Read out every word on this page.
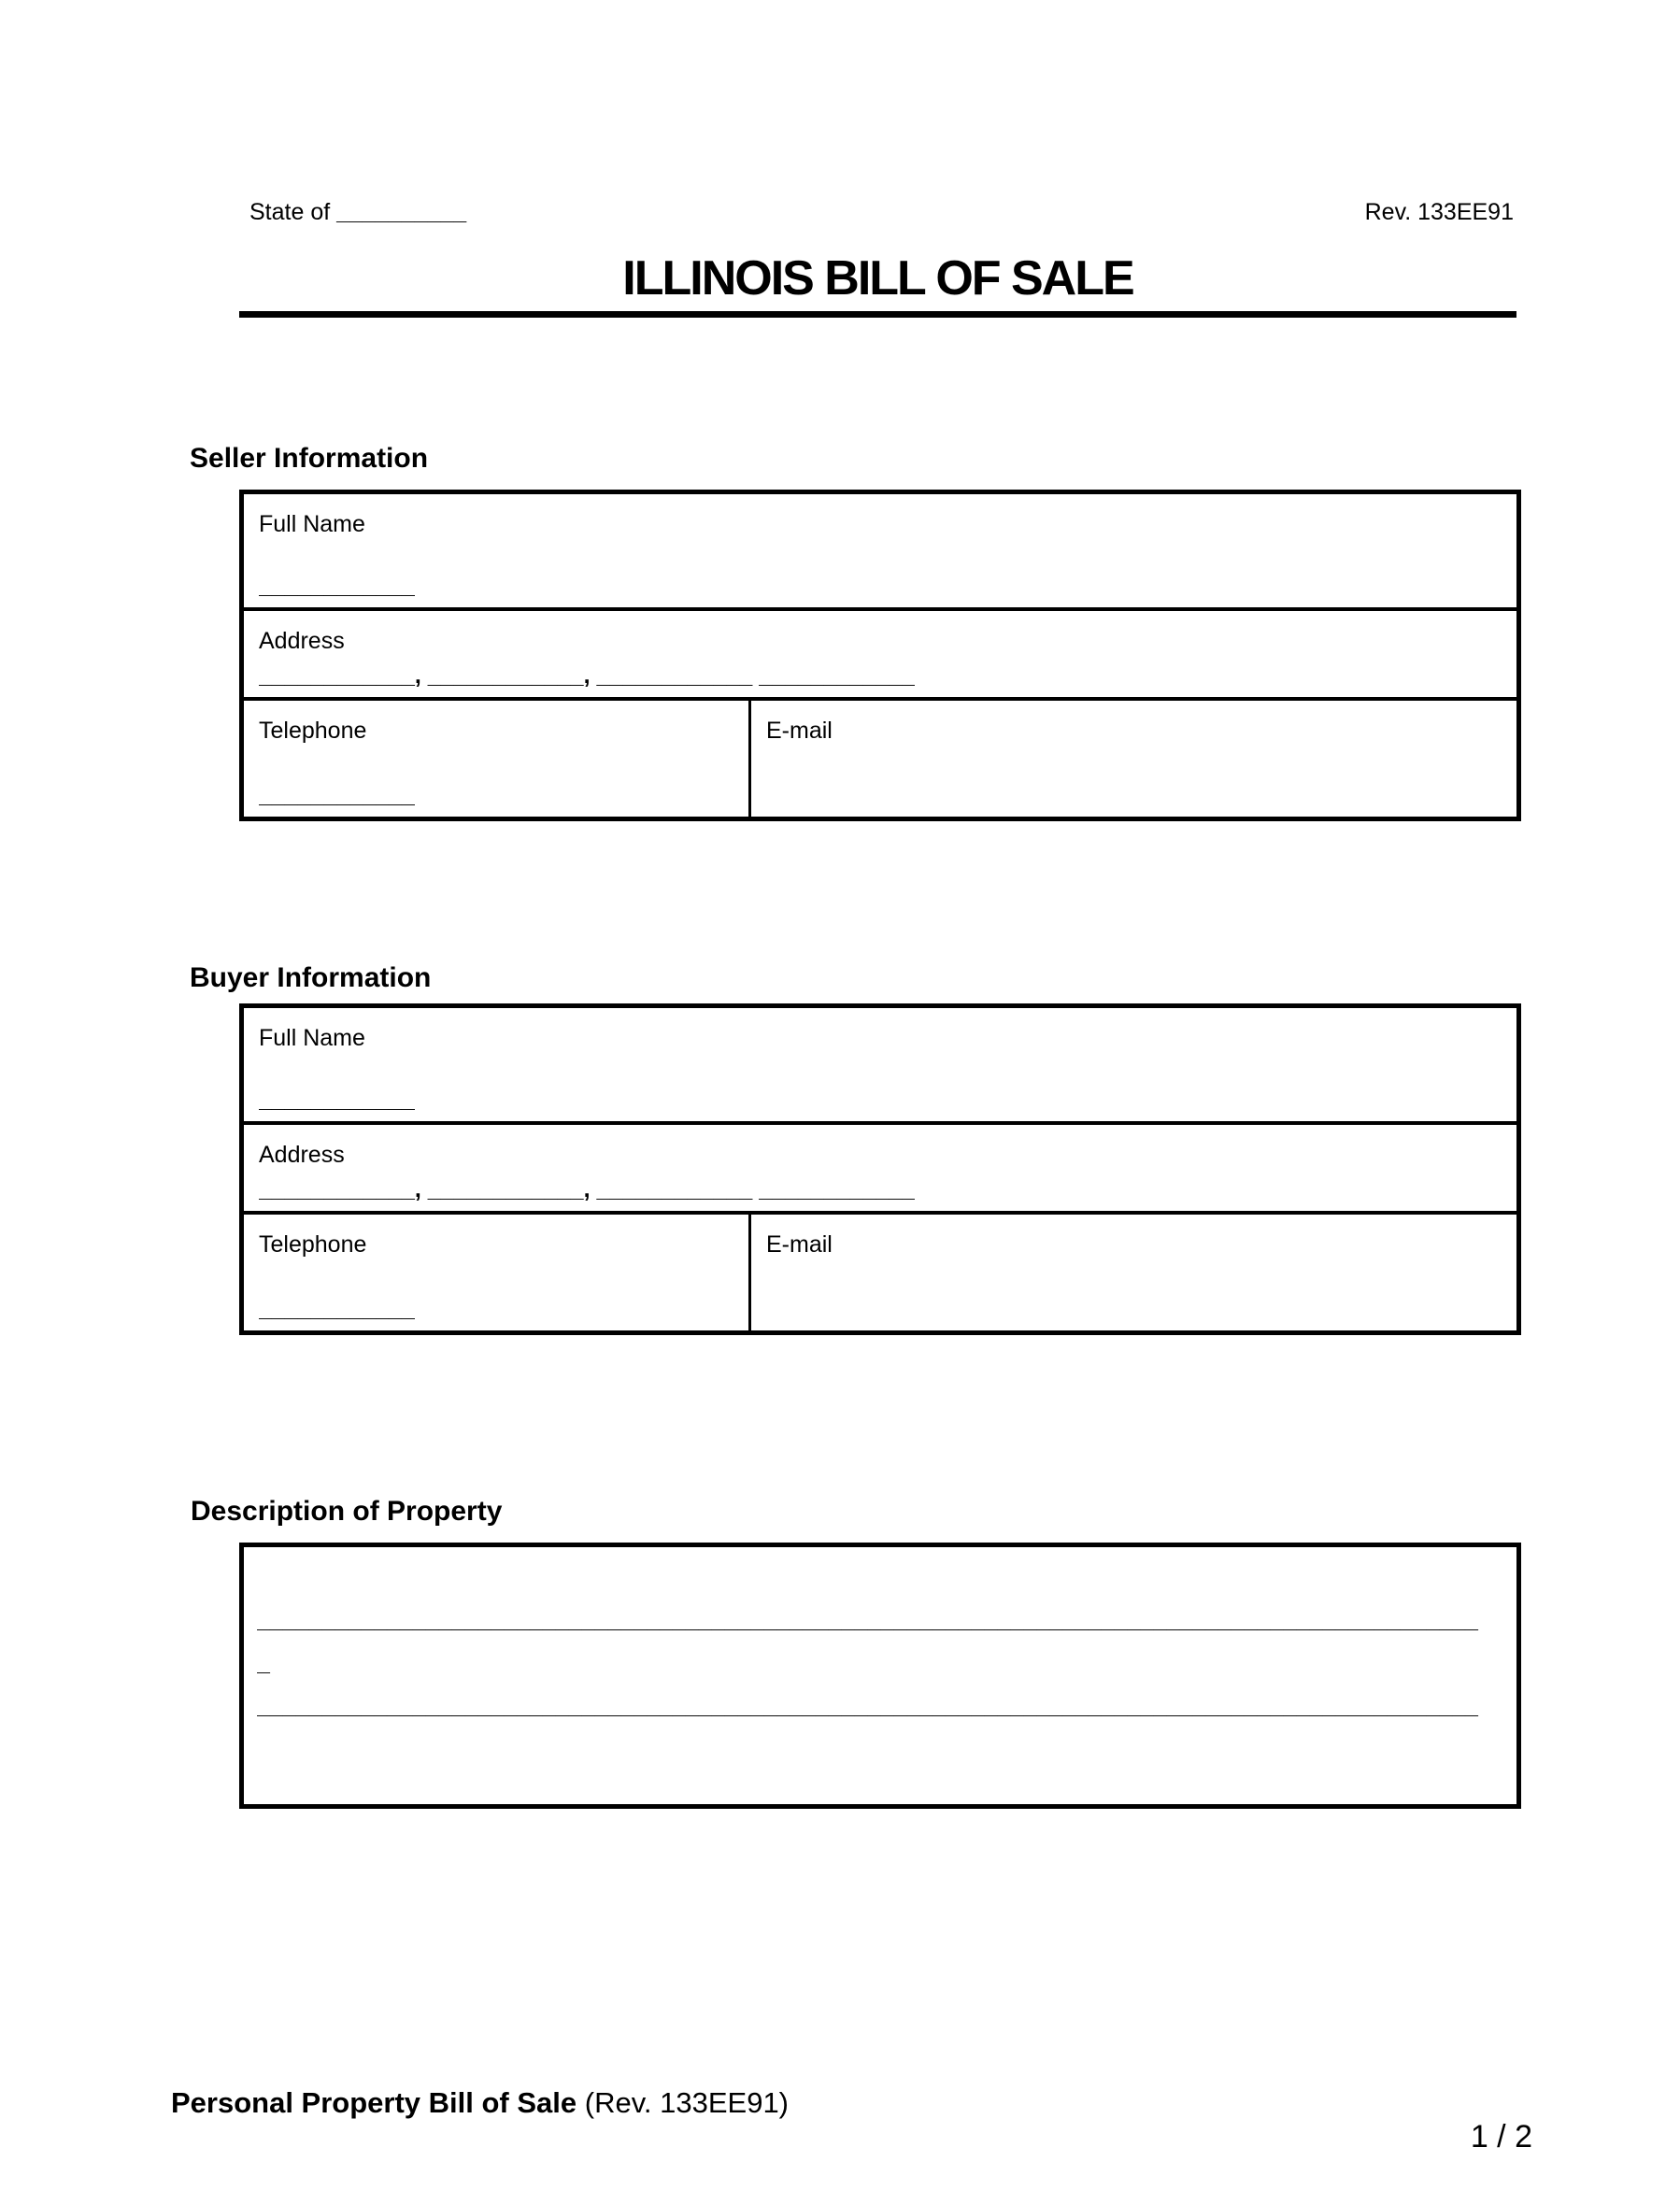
State of __________	Rev. 133EE91
ILLINOIS BILL OF SALE
Seller Information
Full Name
____________
Address
____________, ____________, ____________ ____________
Telephone
____________
E-mail
Buyer Information
Full Name
____________
Address
____________, ____________, ____________ ____________
Telephone
____________
E-mail
Description of Property
______________________________________________________________________________________________
_
______________________________________________________________________________________________
Personal Property Bill of Sale (Rev. 133EE91)
1 / 2
